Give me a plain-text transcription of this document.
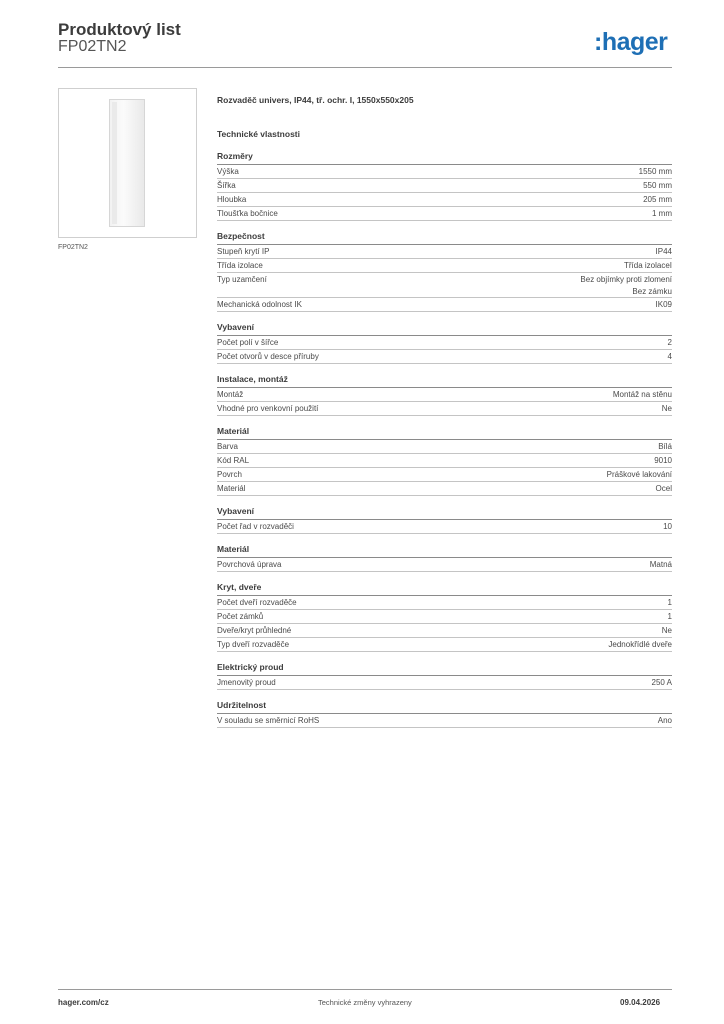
Produktový list
FP02TN2	:hager
FP02TN2
Rozvaděč univers, IP44, tř. ochr. I, 1550x550x205
Technické vlastnosti
Rozměry
Výška	1550 mm
Šířka	550 mm
Hloubka	205 mm
Tloušťka bočnice	1 mm
Bezpečnost
Stupeň krytí IP	IP44
Třída izolace	Třída izolaceI
Typ uzamčení	Bez objímky proti zlomení
Bez zámku
Mechanická odolnost IK	IK09
Vybavení
Počet polí v šířce	2
Počet otvorů v desce příruby	4
Instalace, montáž
Montáž	Montáž na stěnu
Vhodné pro venkovní použití	Ne
Materiál
Barva	Bílá
Kód RAL	9010
Povrch	Práškové lakování
Materiál	Ocel
Vybavení
Počet řad v rozvaděči	10
Materiál
Povrchová úprava	Matná
Kryt, dveře
Počet dveří rozvaděče	1
Počet zámků	1
Dveře/kryt průhledné	Ne
Typ dveří rozvaděče	Jednokřídlé dveře
Elektrický proud
Jmenovitý proud	250 A
Udržitelnost
V souladu se směrnicí RoHS	Ano
hager.com/cz	Technické změny vyhrazeny	09.04.2026
